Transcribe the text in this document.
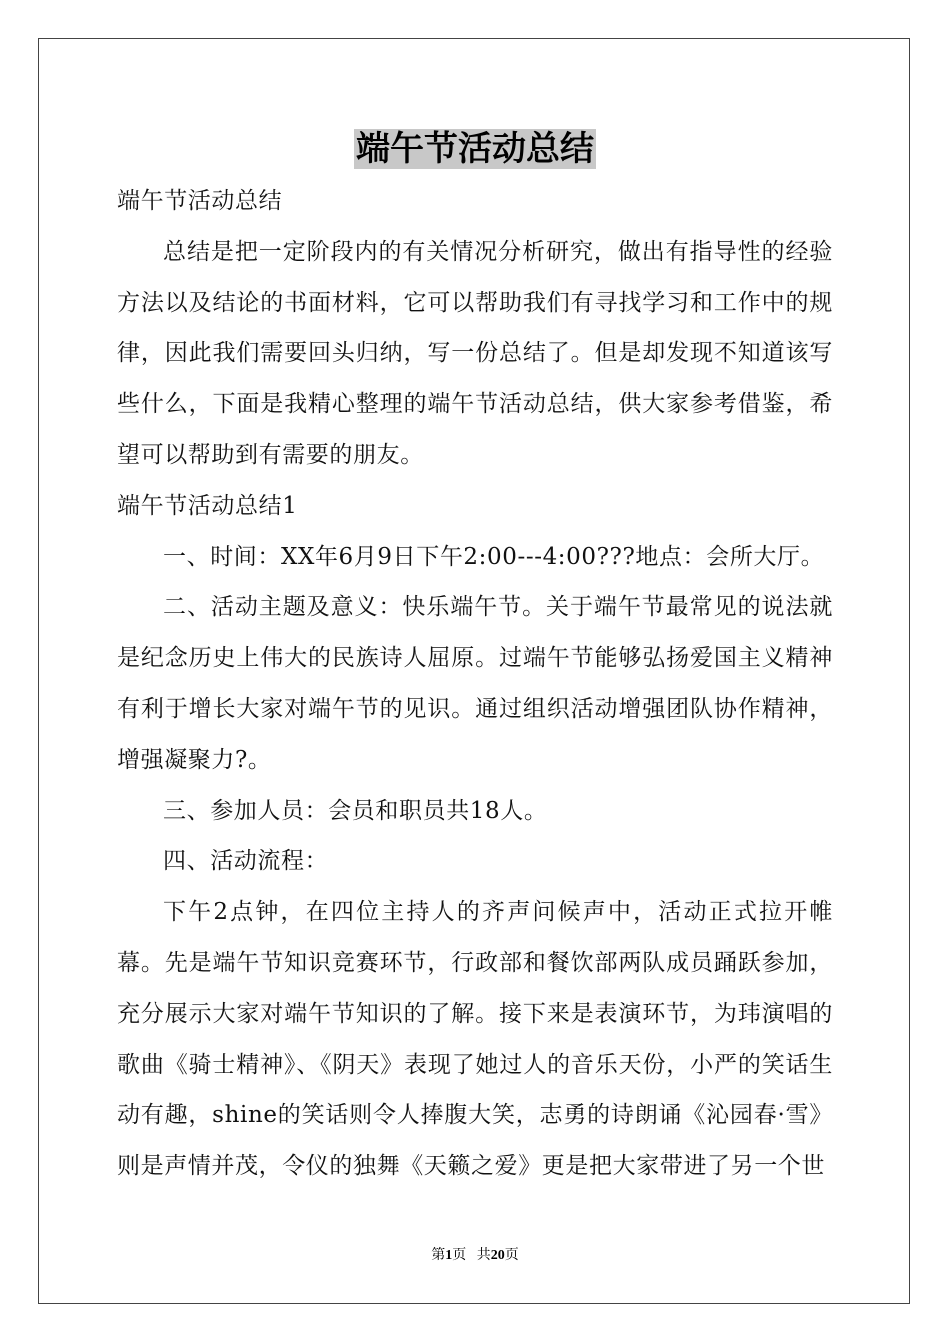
端午节活动总结

端午节活动总结

总结是把一定阶段内的有关情况分析研究，做出有指导性的经验方法以及结论的书面材料，它可以帮助我们有寻找学习和工作中的规律，因此我们需要回头归纳，写一份总结了。但是却发现不知道该写些什么，下面是我精心整理的端午节活动总结，供大家参考借鉴，希望可以帮助到有需要的朋友。

端午节活动总结1

一、时间：XX年6月9日下午2:00---4:00???地点：会所大厅。

二、活动主题及意义：快乐端午节。关于端午节最常见的说法就是纪念历史上伟大的民族诗人屈原。过端午节能够弘扬爱国主义精神有利于增长大家对端午节的见识。通过组织活动增强团队协作精神，增强凝聚力?。

三、参加人员：会员和职员共18人。

四、活动流程：

下午2点钟，在四位主持人的齐声问候声中，活动正式拉开帷幕。先是端午节知识竞赛环节，行政部和餐饮部两队成员踊跃参加，充分展示大家对端午节知识的了解。接下来是表演环节，为玮演唱的歌曲《骑士精神》、《阴天》表现了她过人的音乐天份，小严的笑话生动有趣，shine的笑话则令人捧腹大笑，志勇的诗朗诵《沁园春·雪》则是声情并茂，令仪的独舞《天籁之爱》更是把大家带进了另一个世

第1页 共20页
